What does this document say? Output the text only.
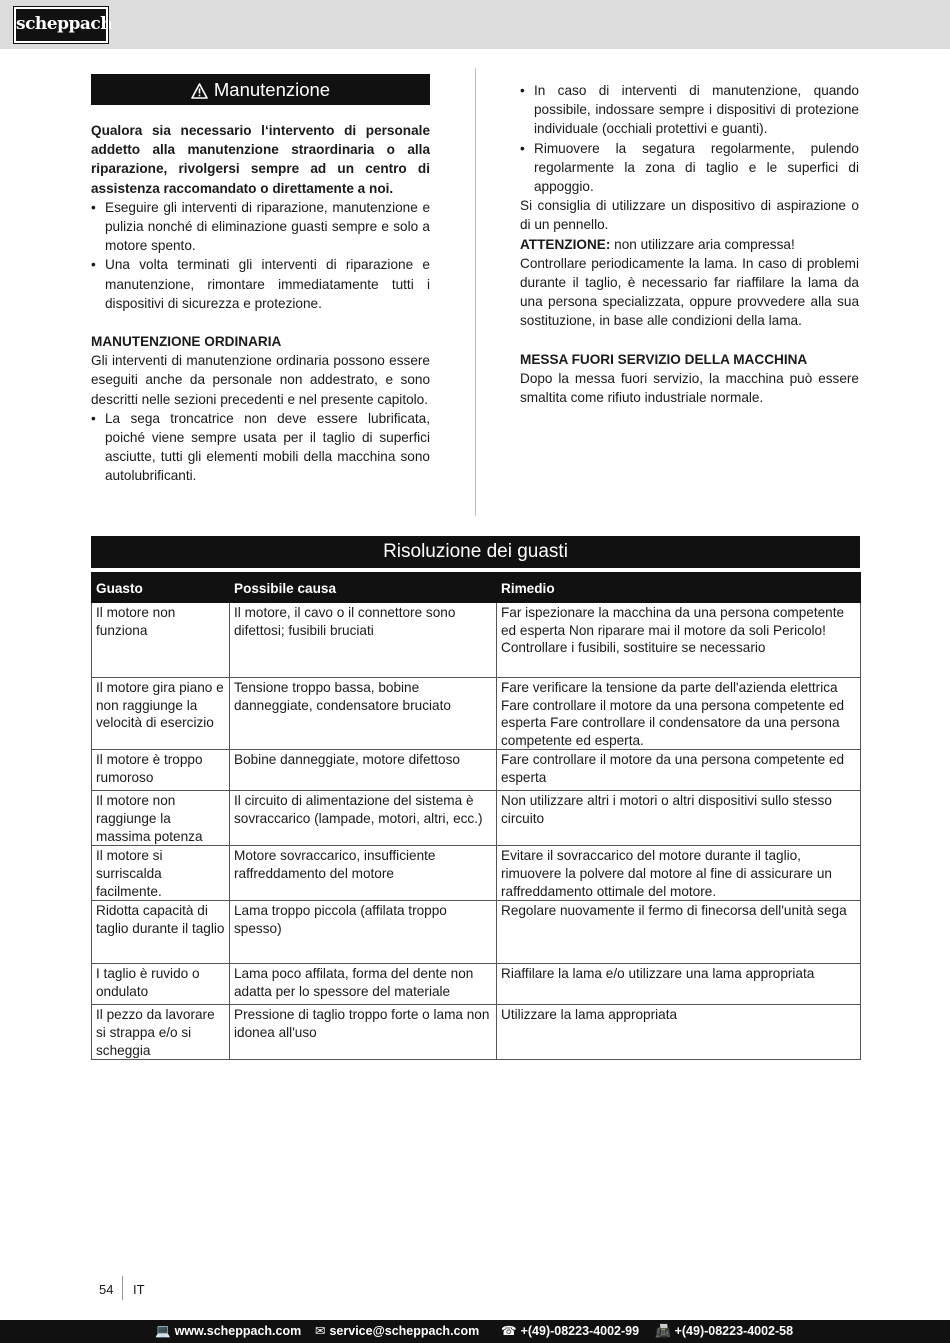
scheppach
Manutenzione

Qualora sia necessario l‘intervento di personale addetto alla manutenzione straordinaria o alla riparazione, rivolgersi sempre ad un centro di assistenza raccomandato o direttamente a noi.

• Eseguire gli interventi di riparazione, manutenzione e pulizia nonché di eliminazione guasti sempre e solo a motore spento.
• Una volta terminati gli interventi di riparazione e manutenzione, rimontare immediatamente tutti i dispositivi di sicurezza e protezione.

MANUTENZIONE ORDINARIA

Gli interventi di manutenzione ordinaria possono essere eseguiti anche da personale non addestrato, e sono descritti nelle sezioni precedenti e nel presente capitolo.

• La sega troncatrice non deve essere lubrificata, poiché viene sempre usata per il taglio di superfici asciutte, tutti gli elementi mobili della macchina sono autolubrificanti.
• In caso di interventi di manutenzione, quando possibile, indossare sempre i dispositivi di protezione individuale (occhiali protettivi e guanti).
• Rimuovere la segatura regolarmente, pulendo regolarmente la zona di taglio e le superfici di appoggio.

Si consiglia di utilizzare un dispositivo di aspirazione o di un pennello.

ATTENZIONE: non utilizzare aria compressa!

Controllare periodicamente la lama. In caso di problemi durante il taglio, è necessario far riaffilare la lama da una persona specializzata, oppure provvedere alla sua sostituzione, in base alle condizioni della lama.

MESSA FUORI SERVIZIO DELLA MACCHINA

Dopo la messa fuori servizio, la macchina può essere smaltita come rifiuto industriale normale.

Risoluzione dei guasti
Guasto	Possibile causa	Rimedio
Il motore non funziona	Il motore, il cavo o il connettore sono difettosi; fusibili bruciati	Far ispezionare la macchina da una persona competente ed esperta Non riparare mai il motore da soli Pericolo! Controllare i fusibili, sostituire se necessario
Il motore gira piano e non raggiunge la velocità di esercizio	Tensione troppo bassa, bobine danneggiate, condensatore bruciato	Fare verificare la tensione da parte dell'azienda elettrica Fare controllare il motore da una persona competente ed esperta Fare controllare il condensatore da una persona competente ed esperta.
Il motore è troppo rumoroso	Bobine danneggiate, motore difettoso	Fare controllare il motore da una persona competente ed esperta
Il motore non raggiunge la massima potenza	Il circuito di alimentazione del sistema è sovraccarico (lampade, motori, altri, ecc.)	Non utilizzare altri i motori o altri dispositivi sullo stesso circuito
Il motore si surriscalda facilmente.	Motore sovraccarico, insufficiente raffreddamento del motore	Evitare il sovraccarico del motore durante il taglio, rimuovere la polvere dal motore al fine di assicurare un raffreddamento ottimale del motore.
Ridotta capacità di taglio durante il taglio	Lama troppo piccola (affilata troppo spesso)	Regolare nuovamente il fermo di finecorsa dell'unità sega
I taglio è ruvido o ondulato	Lama poco affilata, forma del dente non adatta per lo spessore del materiale	Riaffilare la lama e/o utilizzare una lama appropriata
Il pezzo da lavorare si strappa e/o si scheggia	Pressione di taglio troppo forte o lama non idonea all'uso	Utilizzare la lama appropriata
54 IT
💻 www.scheppach.com ✉ service@scheppach.com ☎ +(49)-08223-4002-99 📠 +(49)-08223-4002-58
